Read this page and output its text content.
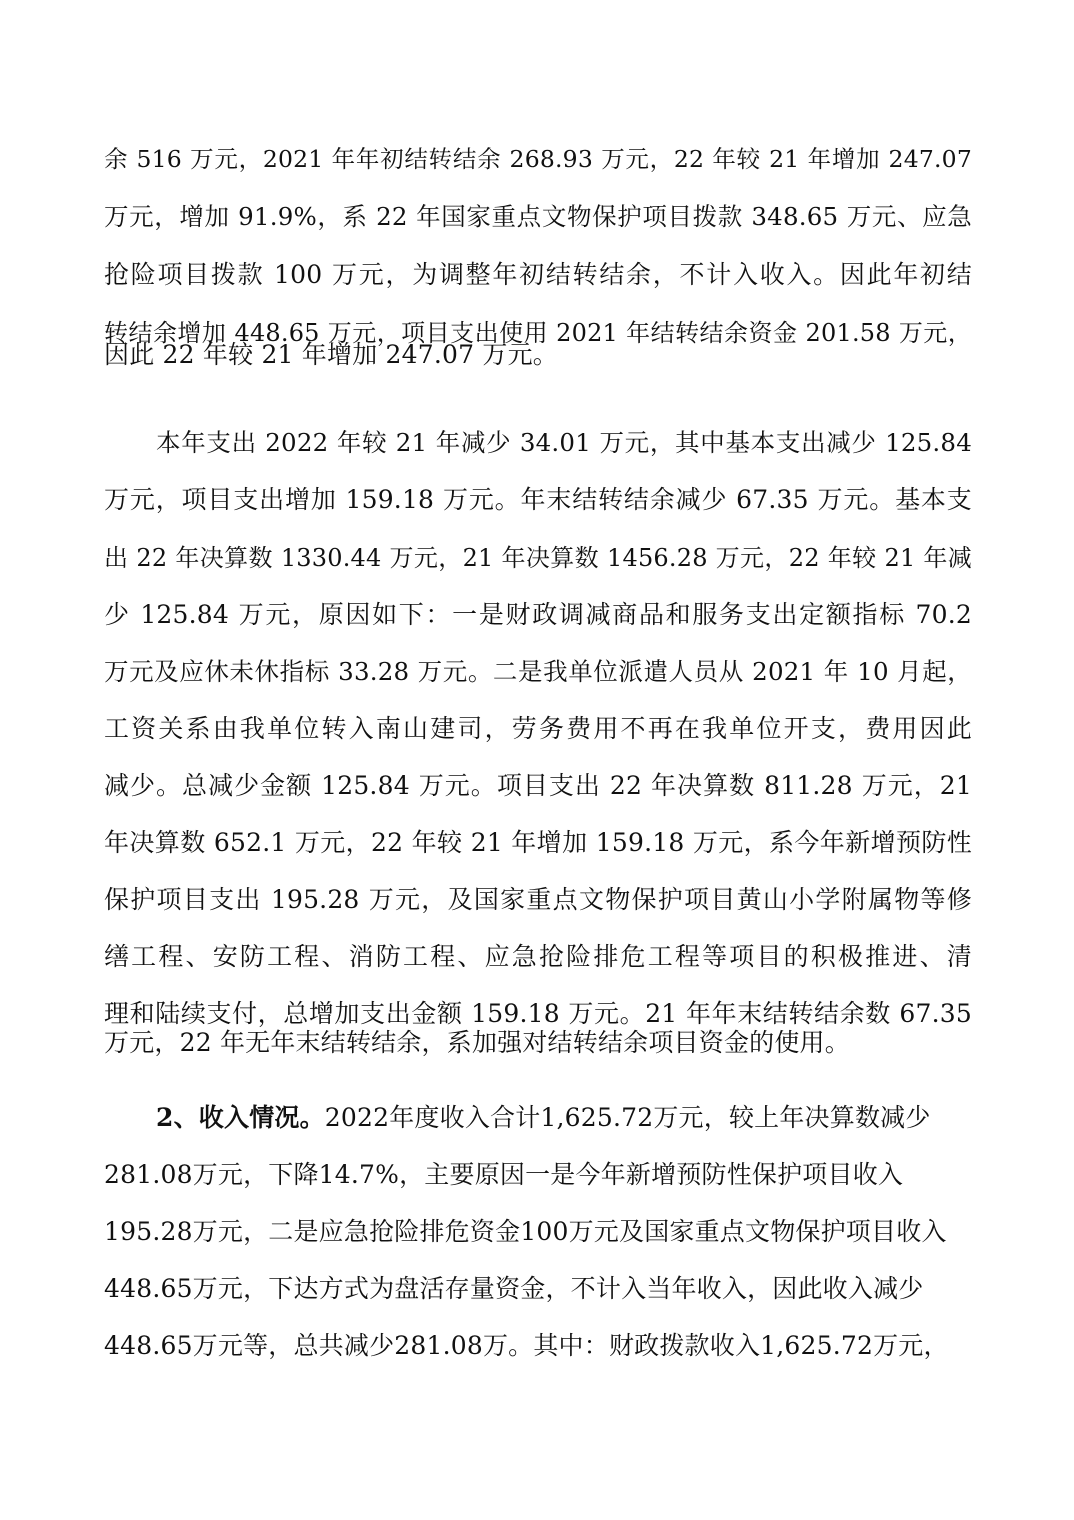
余 516 万元，2021 年年初结转结余 268.93 万元，22 年较 21 年增加 247.07
万元，增加 91.9%，系 22 年国家重点文物保护项目拨款 348.65 万元、应急
抢险项目拨款 100 万元，为调整年初结转结余，不计入收入。因此年初结
转结余增加 448.65 万元，项目支出使用 2021 年结转结余资金 201.58 万元，
因此 22 年较 21 年增加 247.07 万元。
本年支出 2022 年较 21 年减少 34.01 万元，其中基本支出减少 125.84
万元，项目支出增加 159.18 万元。年末结转结余减少 67.35 万元。基本支
出 22 年决算数 1330.44 万元，21 年决算数 1456.28 万元，22 年较 21 年减
少 125.84 万元，原因如下：一是财政调减商品和服务支出定额指标 70.2
万元及应休未休指标 33.28 万元。二是我单位派遣人员从 2021 年 10 月起，
工资关系由我单位转入南山建司，劳务费用不再在我单位开支，费用因此
减少。总减少金额 125.84 万元。项目支出 22 年决算数 811.28 万元，21
年决算数 652.1 万元，22 年较 21 年增加 159.18 万元，系今年新增预防性
保护项目支出 195.28 万元，及国家重点文物保护项目黄山小学附属物等修
缮工程、安防工程、消防工程、应急抢险排危工程等项目的积极推进、清
理和陆续支付，总增加支出金额 159.18 万元。21 年年末结转结余数 67.35
万元，22 年无年末结转结余，系加强对结转结余项目资金的使用。
2、收入情况。2022年度收入合计1,625.72万元，较上年决算数减少
281.08万元，下降14.7%，主要原因一是今年新增预防性保护项目收入
195.28万元，二是应急抢险排危资金100万元及国家重点文物保护项目收入
448.65万元，下达方式为盘活存量资金，不计入当年收入，因此收入减少
448.65万元等，总共减少281.08万。其中：财政拨款收入1,625.72万元，
